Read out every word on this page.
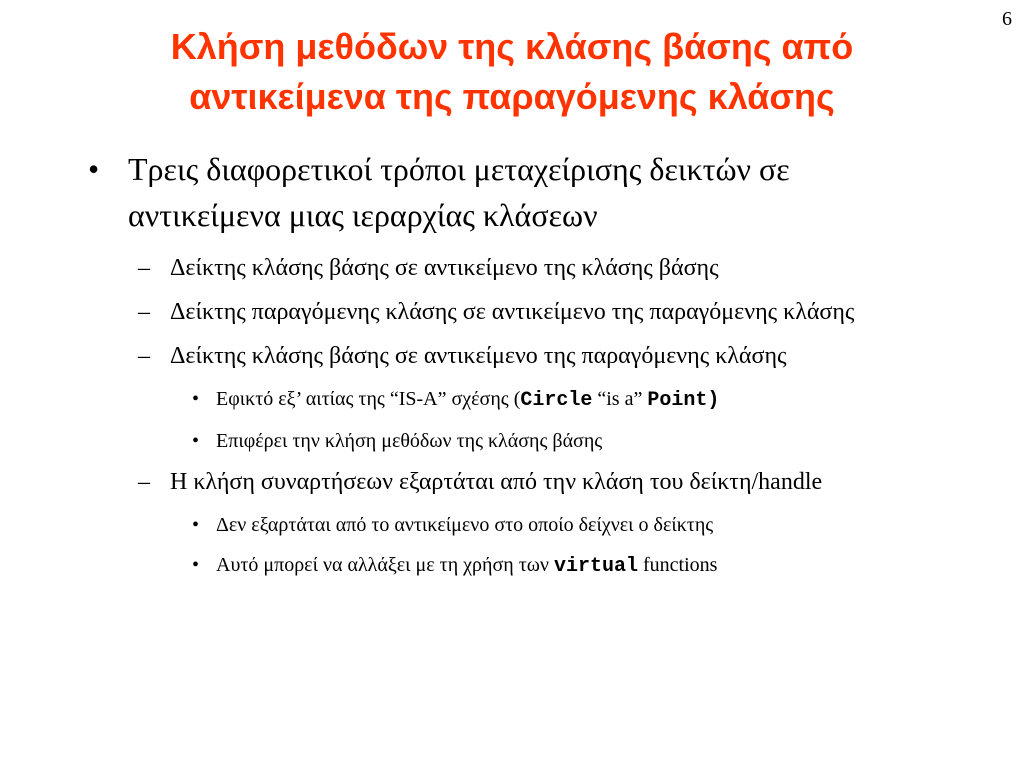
6
Κλήση μεθόδων της κλάσης βάσης από
αντικείμενα της παραγόμενης κλάσης
• Τρεις διαφορετικοί τρόποι μεταχείρισης δεικτών σε αντικείμενα μιας ιεραρχίας κλάσεων
– Δείκτης κλάσης βάσης σε αντικείμενο της κλάσης βάσης
– Δείκτης παραγόμενης κλάσης σε αντικείμενο της παραγόμενης κλάσης
– Δείκτης κλάσης βάσης σε αντικείμενο της παραγόμενης κλάσης
• Εφικτό εξ’ αιτίας της “IS-A” σχέσης (Circle “is a” Point)
• Επιφέρει την κλήση μεθόδων της κλάσης βάσης
– Η κλήση συναρτήσεων εξαρτάται από την κλάση του δείκτη/handle
• Δεν εξαρτάται από το αντικείμενο στο οποίο δείχνει ο δείκτης
• Αυτό μπορεί να αλλάξει με τη χρήση των virtual functions
